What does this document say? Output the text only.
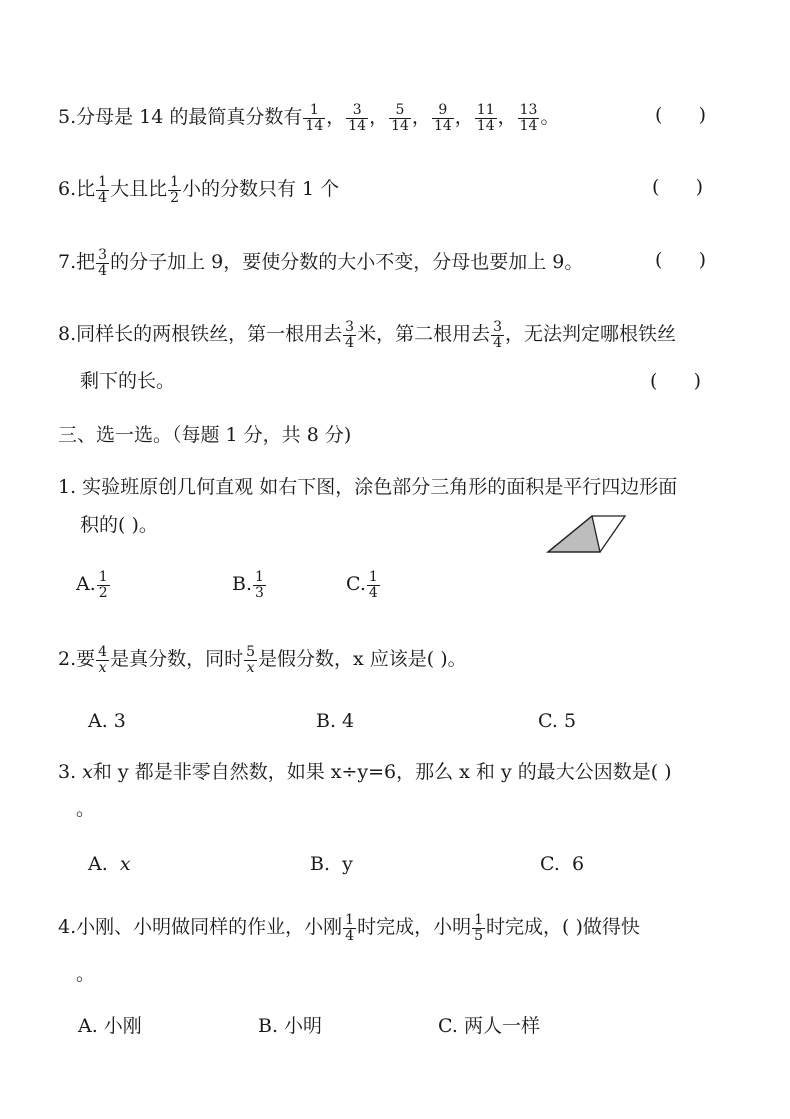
5.分母是 14 的最简真分数有 $\frac{1}{14}$ ， $\frac{3}{14}$ ， $\frac{5}{14}$ ， $\frac{9}{14}$ ， $\frac{11}{14}$ ， $\frac{13}{14}$ 。	(      )
6.比 $\frac{1}{4}$ 大且比 $\frac{1}{2}$ 小的分数只有 1 个	(      )
7.把 $\frac{3}{4}$ 的分子加上 9，要使分数的大小不变，分母也要加上 9。	(      )
8.同样长的两根铁丝，第一根用去 $\frac{3}{4}$ 米，第二根用去 $\frac{3}{4}$ ，无法判定哪根铁丝
剩下的长。	(      )
三、选一选。（每题 1 分，共 8 分)
1. 实验班原创几何直观 如右下图，涂色部分三角形的面积是平行四边形面
积的( )。
A. $\frac{1}{2}$	B. $\frac{1}{3}$	C. $\frac{1}{4}$
2.要 $\frac{4}{x}$ 是真分数，同时 $\frac{5}{x}$ 是假分数，x 应该是( )。
A. 3	B. 4	C. 5
3. x和 y 都是非零自然数，如果 x÷y=6，那么 x 和 y 的最大公因数是( )
。
A. x	B. y	C. 6
4.小刚、小明做同样的作业，小刚 $\frac{1}{4}$ 时完成，小明 $\frac{1}{5}$ 时完成，( )做得快
。
A. 小刚	B. 小明	C. 两人一样
